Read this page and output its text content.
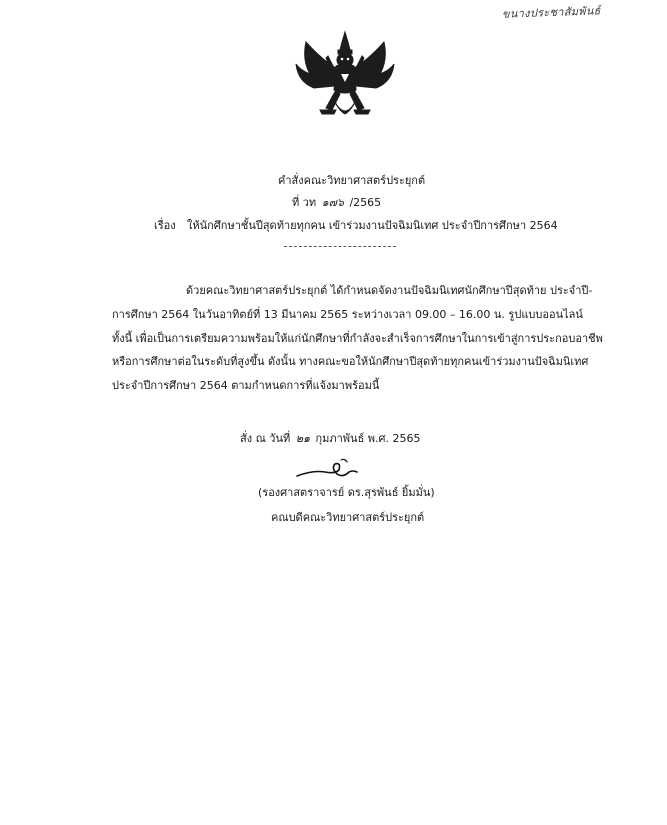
ขนางประชาสัมพันธ์
คำสั่งคณะวิทยาศาสตร์ประยุกต์
ที่ วท ๑๗๖ /2565
เรื่อง ให้นักศึกษาชั้นปีสุดท้ายทุกคน เข้าร่วมงานปัจฉิมนิเทศ ประจำปีการศึกษา 2564
ด้วยคณะวิทยาศาสตร์ประยุกต์ ได้กำหนดจัดงานปัจฉิมนิเทศนักศึกษาปีสุดท้าย ประจำปี-
การศึกษา 2564 ในวันอาทิตย์ที่ 13 มีนาคม 2565 ระหว่างเวลา 09.00 – 16.00 น. รูปแบบออนไลน์
ทั้งนี้ เพื่อเป็นการเตรียมความพร้อมให้แก่นักศึกษาที่กำลังจะสำเร็จการศึกษาในการเข้าสู่การประกอบอาชีพ
หรือการศึกษาต่อในระดับที่สูงขึ้น ดังนั้น ทางคณะขอให้นักศึกษาปีสุดท้ายทุกคนเข้าร่วมงานปัจฉิมนิเทศ
ประจำปีการศึกษา 2564 ตามกำหนดการที่แจ้งมาพร้อมนี้
สั่ง ณ วันที่ ๒๑ กุมภาพันธ์ พ.ศ. 2565
(รองศาสตราจารย์ ดร.สุรพันธ์ ยิ้มมั่น)
คณบดีคณะวิทยาศาสตร์ประยุกต์
